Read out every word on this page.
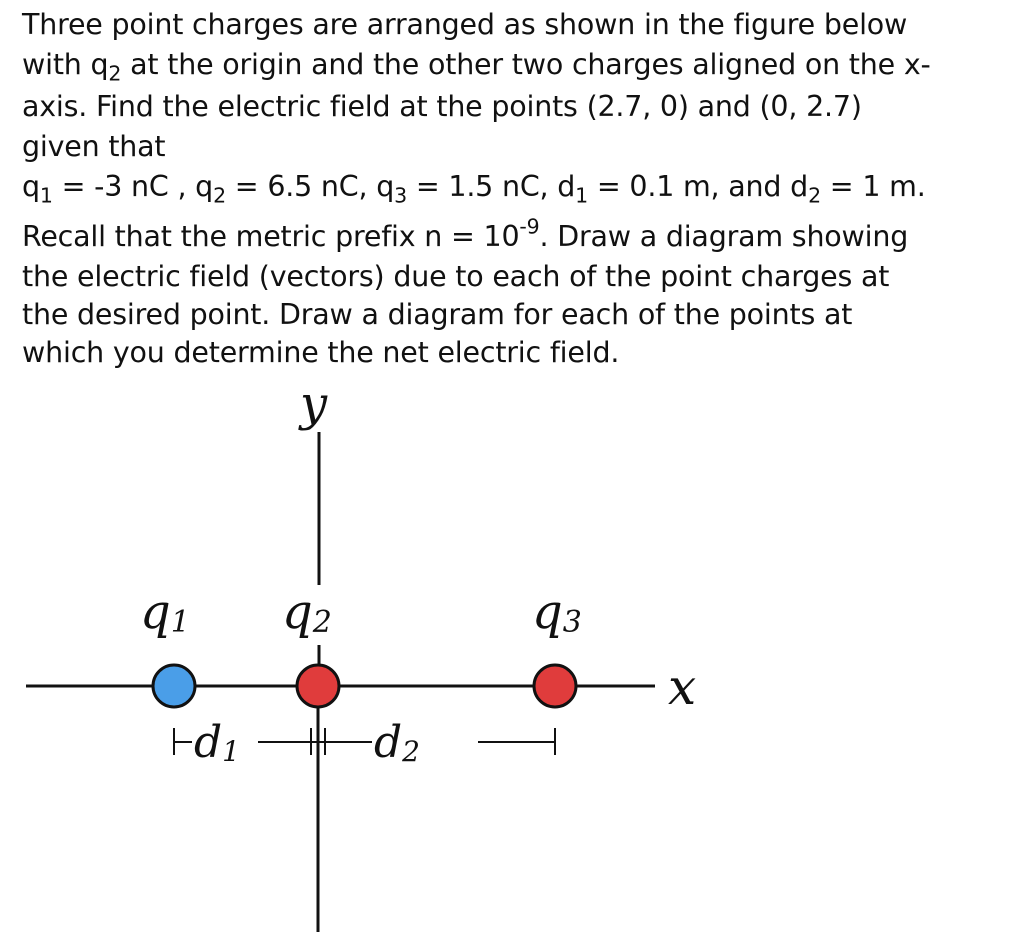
Three point charges are arranged as shown in the figure below
with $q_2$ at the origin and the other two charges aligned on the x-
axis. Find the electric field at the points (2.7, 0) and (0, 2.7)
given that
$q_1 = -3$ nC , $q_2 = 6.5$ nC, $q_3 = 1.5$ nC, $d_1 = 0.1$ m, and $d_2 = 1$ m.
Recall that the metric prefix $n = 10^{-9}$. Draw a diagram showing
the electric field (vectors) due to each of the point charges at
the desired point. Draw a diagram for each of the points at
which you determine the net electric field.
y
x
q1 q2	q3
d1	d2
